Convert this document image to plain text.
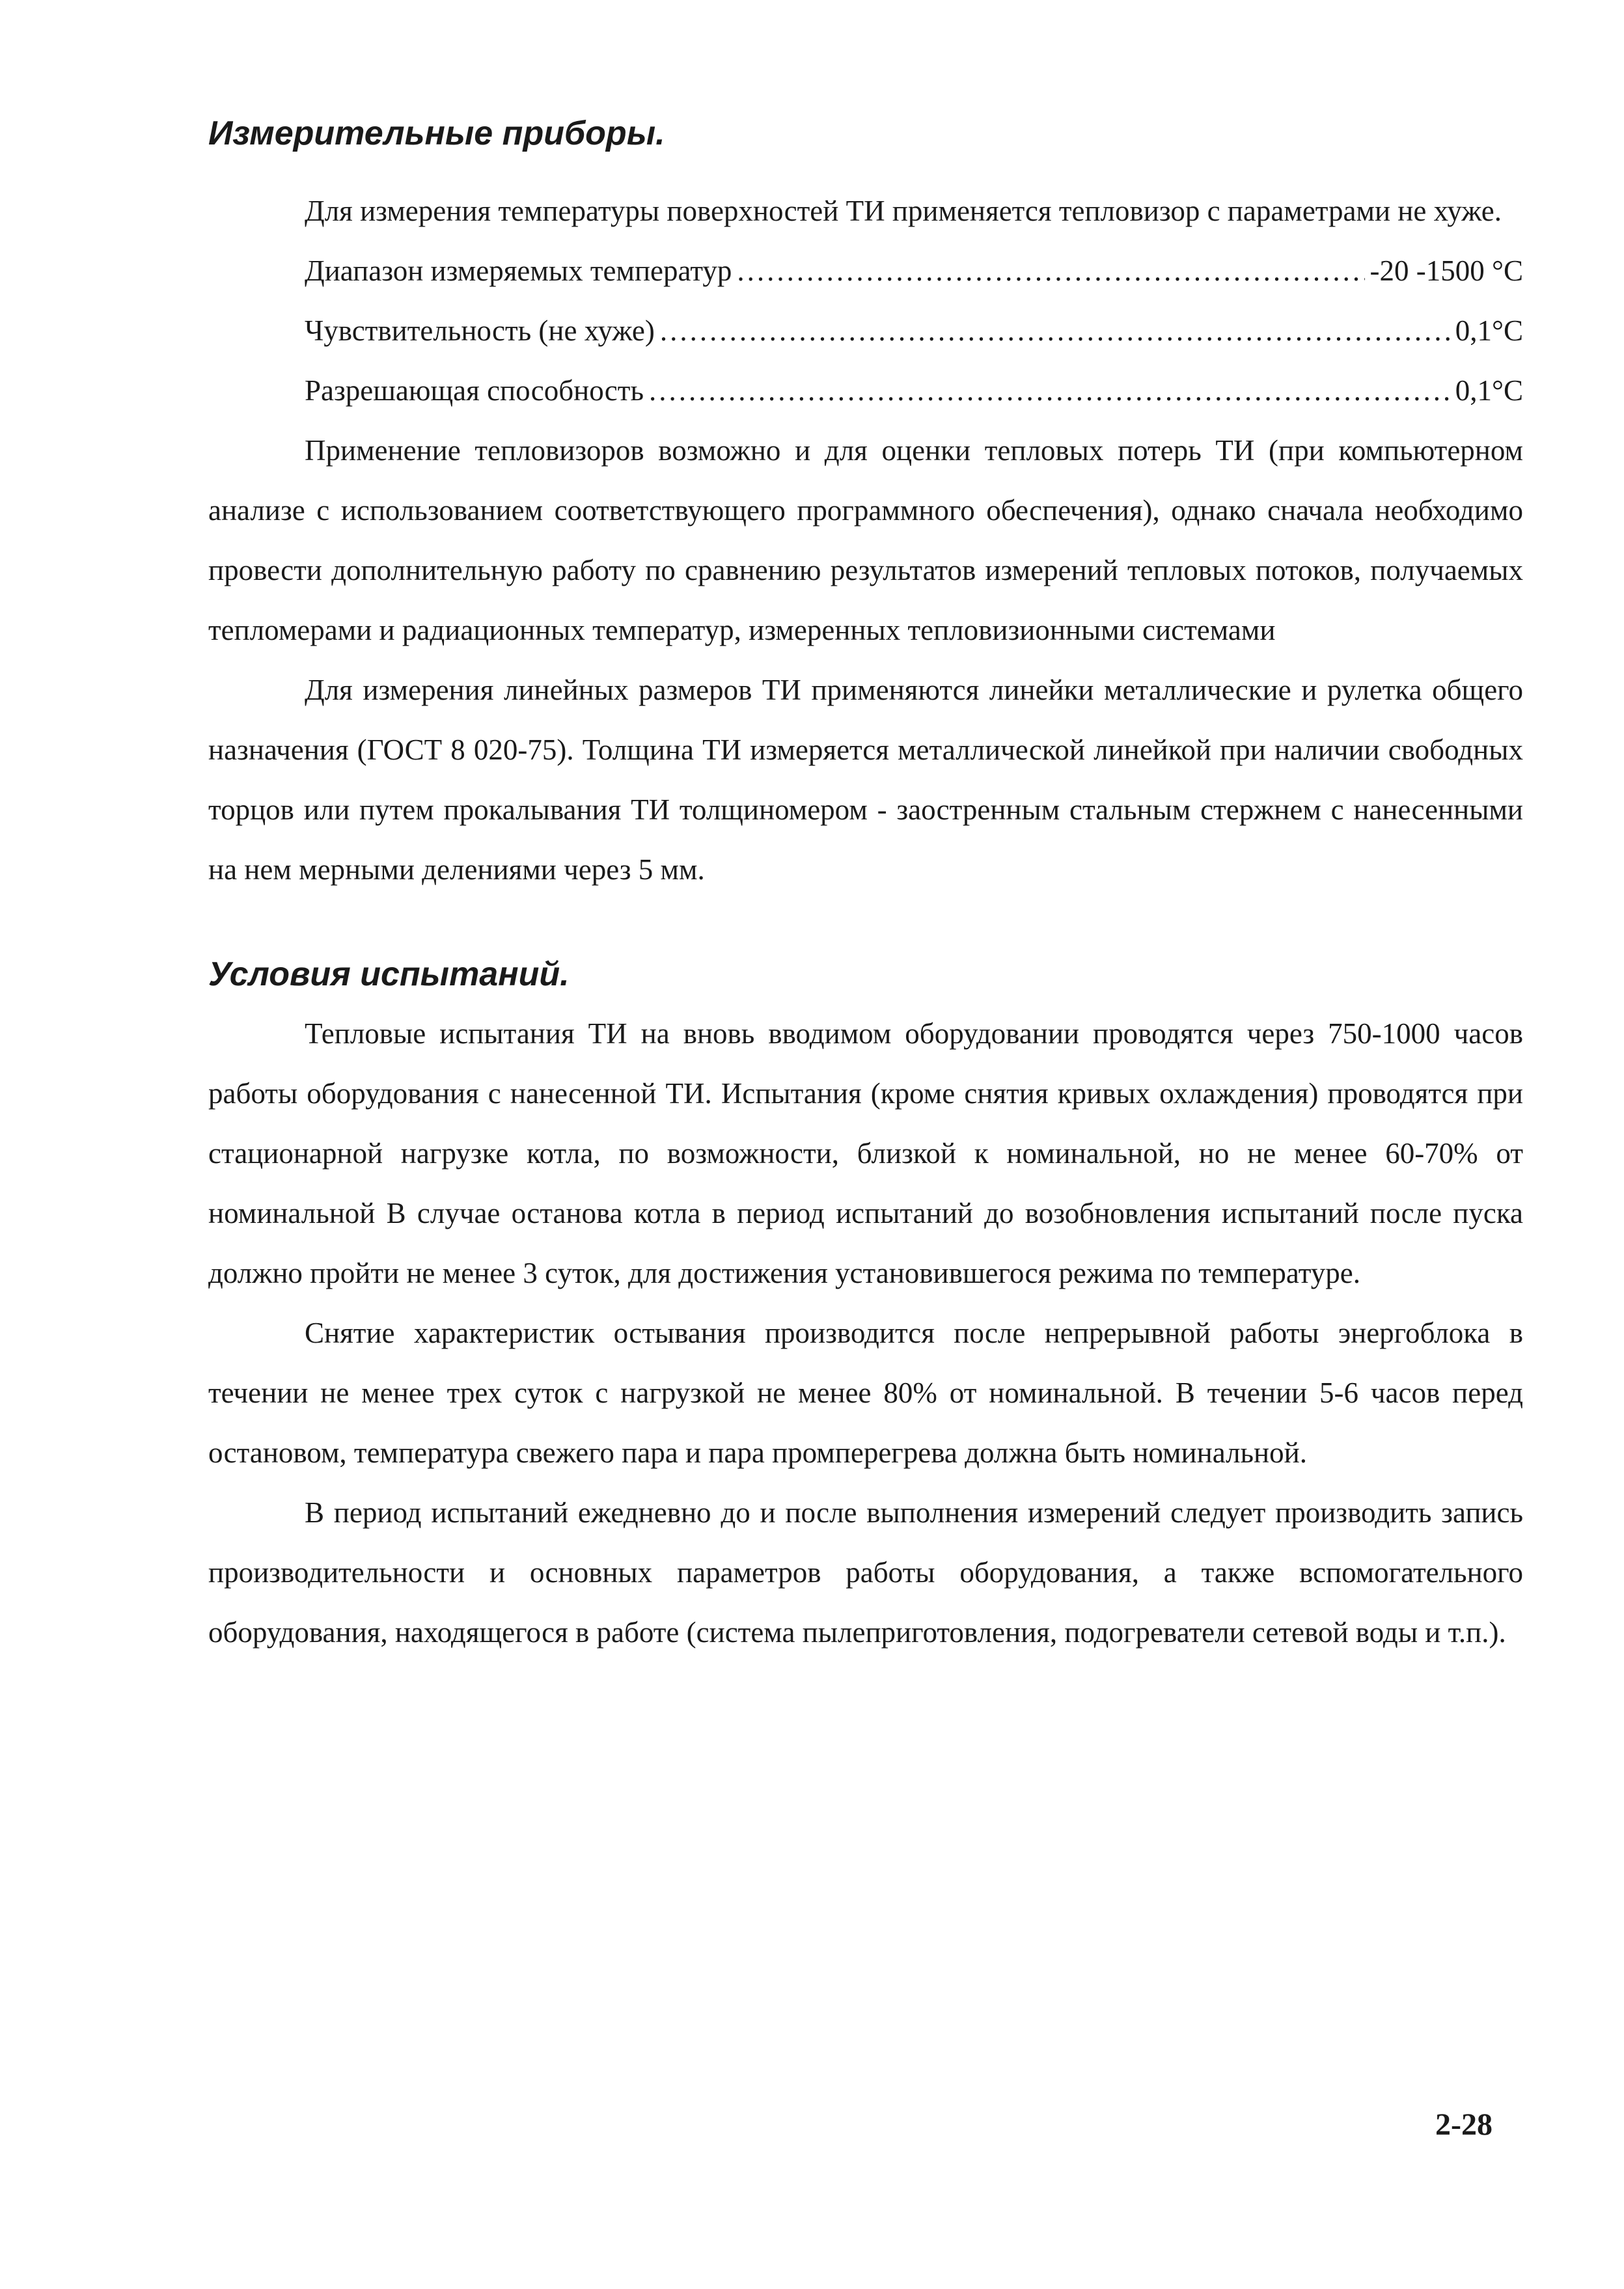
Измерительные приборы.

Для измерения температуры поверхностей ТИ применяется тепловизор с параметрами не хуже.

Диапазон измеряемых температур .....	-20 -1500 °С
Чувствительность (не хуже) .....	0,1°С
Разрешающая способность .....	0,1°С

Применение тепловизоров возможно и для оценки тепловых потерь ТИ (при компьютерном анализе с использованием соответствующего программного обеспечения), однако сначала необходимо провести дополнительную работу по сравнению результатов измерений тепловых потоков, получаемых тепломерами и радиационных температур, измеренных тепловизионными системами

Для измерения линейных размеров ТИ применяются линейки металлические и рулетка общего назначения (ГОСТ 8 020-75). Толщина ТИ измеряется металлической линейкой при наличии свободных торцов или путем прокалывания ТИ толщиномером - заостренным стальным стержнем с нанесенными на нем мерными делениями через 5 мм.

Условия испытаний.

Тепловые испытания ТИ на вновь вводимом оборудовании проводятся через 750-1000 часов работы оборудования с нанесенной ТИ. Испытания (кроме снятия кривых охлаждения) проводятся при стационарной нагрузке котла, по возможности, близкой к номинальной, но не менее 60-70% от номинальной В случае останова котла в период испытаний до возобновления испытаний после пуска должно пройти не менее 3 суток, для достижения установившегося режима по температуре.

Снятие характеристик остывания производится после непрерывной работы энергоблока в течении не менее трех суток с нагрузкой не менее 80% от номинальной. В течении 5-6 часов перед остановом, температура свежего пара и пара промперегрева должна быть номинальной.

В период испытаний ежедневно до и после выполнения измерений следует производить запись производительности и основных параметров работы оборудования, а также вспомогательного оборудования, находящегося в работе (система пылеприготовления, подогреватели сетевой воды и т.п.).

2-28
